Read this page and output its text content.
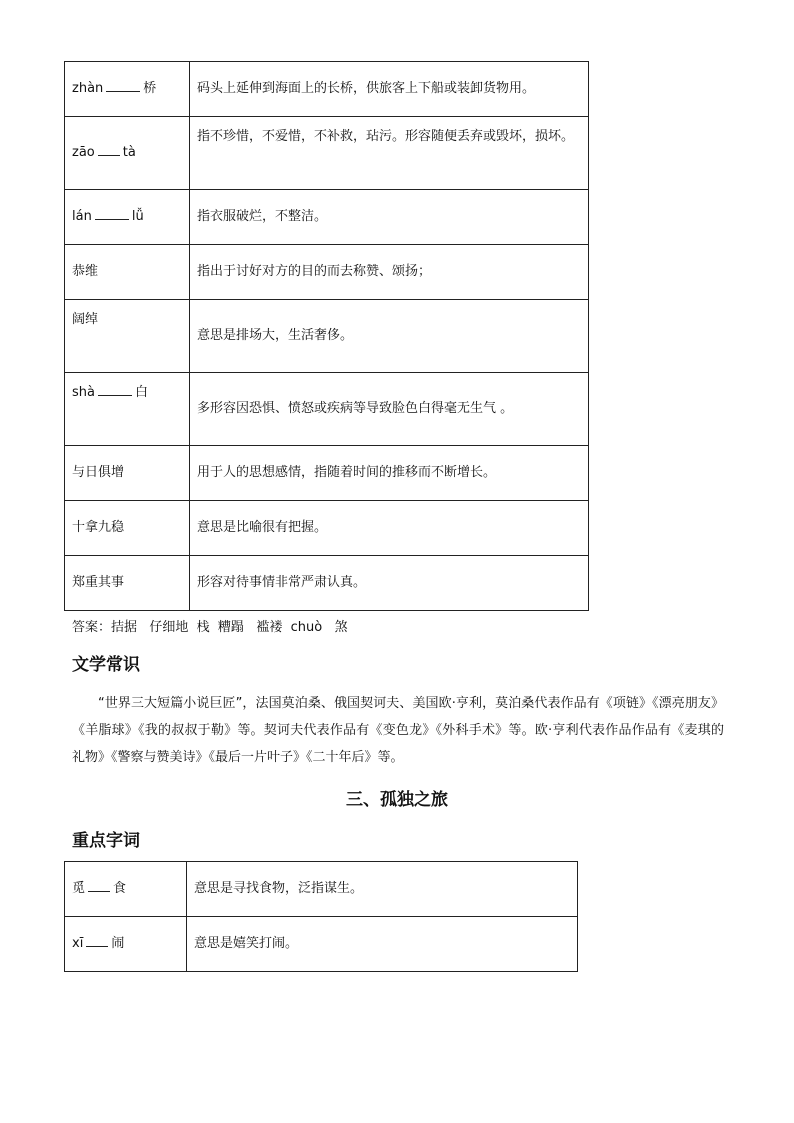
zhàn 桥	码头上延伸到海面上的长桥，供旅客上下船或装卸货物用。
zāo tà	指不珍惜，不爱惜，不补救，玷污。形容随便丢弃或毁坏，损坏。
lán lǚ	指衣服破烂，不整洁。
恭维	指出于讨好对方的目的而去称赞、颂扬；
阔绰	意思是排场大，生活奢侈。
shà 白	多形容因恐惧、愤怒或疾病等导致脸色白得毫无生气 。
与日俱增	用于人的思想感情，指随着时间的推移而不断增长。
十拿九稳	意思是比喻很有把握。
郑重其事	形容对待事情非常严肃认真。
答案：拮据   仔细地  栈  糟蹋   褴褛  chuò   煞
文学常识
“世界三大短篇小说巨匠”，法国莫泊桑、俄国契诃夫、美国欧·亨利，莫泊桑代表作品有《项链》《漂亮朋友》《羊脂球》《我的叔叔于勒》等。契诃夫代表作品有《变色龙》《外科手术》等。欧·亨利代表作品作品有《麦琪的礼物》《警察与赞美诗》《最后一片叶子》《二十年后》等。
三、孤独之旅
重点字词
觅 食	意思是寻找食物，泛指谋生。
xī 闹	意思是嬉笑打闹。
